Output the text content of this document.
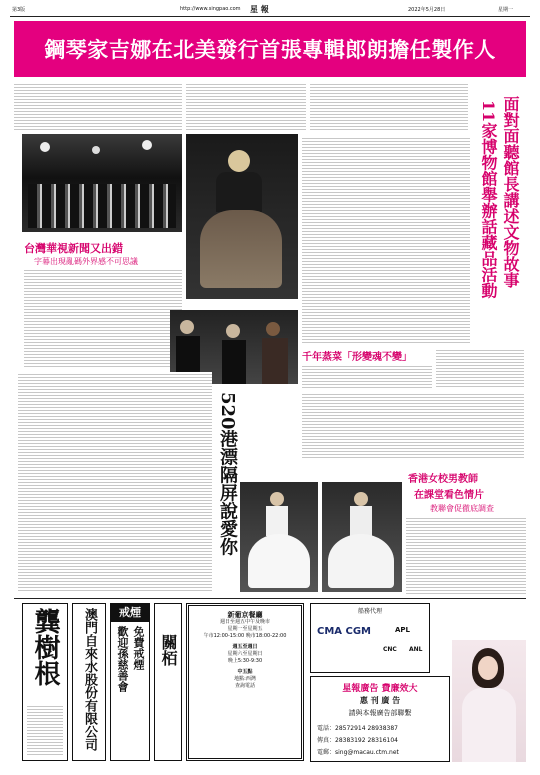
第3版	http://www.singpao.com 星 報	2022年5月28日	星期一
鋼琴家吉娜在北美發行首張專輯郎朗擔任製作人
台灣華視新聞又出錯
字幕出現亂碼外界感不可思議	11家博物館舉辦話藏品活動 面對面聽館長講述文物故事
千年蒸菜「形變魂不變」
520港漂隔屏說愛你	香港女校男教師
在課堂看色情片
教聯會促徹底調查
龔樹根	澳門自來水股份有限公司	戒煙
免費戒煙
歡迎孫慈善會 關栢
新葡京餐廳
週日至週五中午及晚市
星期一至星期五
午市12:00-15:00 晚市18:00-22:00
週五至週日
星期六至星期日
晚上5:30-9:30
中五點
地點:西灣
查詢電話
船務代理
CMA CGM	APL
CNC ANL
星報廣告 費廉效大
惠 刊 廣 告
請與本報廣告部聯繫
電話：28572914 28938387
傳真：28383192 28316104
電郵：sing@macau.ctm.net
